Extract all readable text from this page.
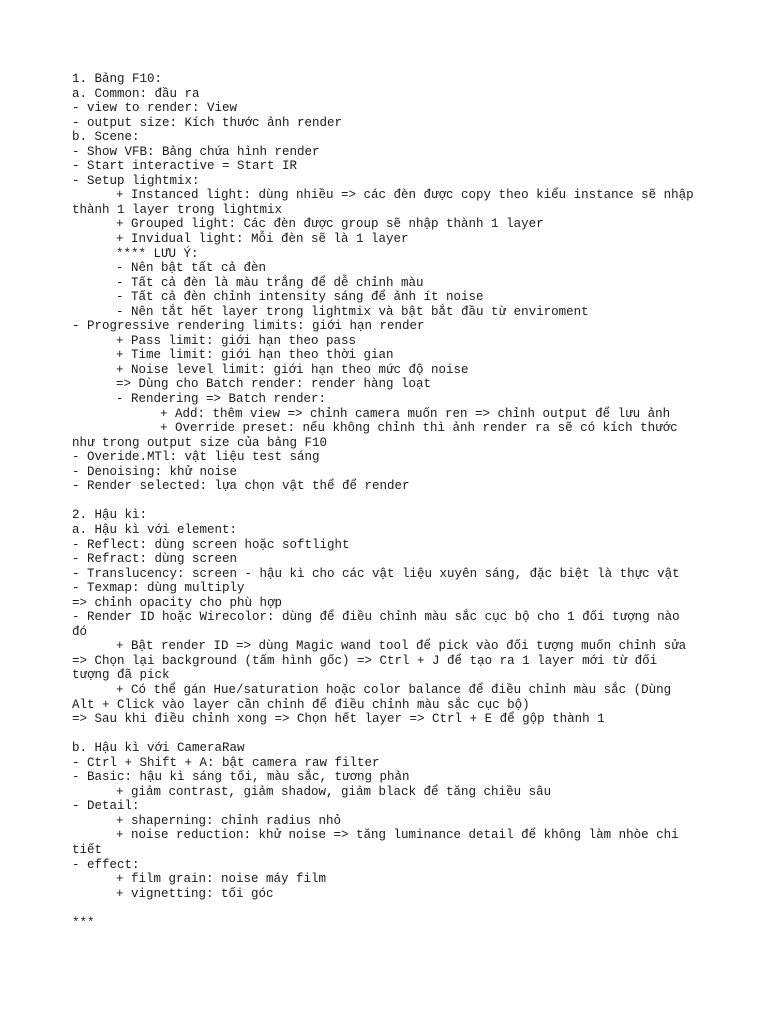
1. Bảng F10:
a. Common: đầu ra
- view to render: View
- output size: Kích thước ảnh render
b. Scene:
- Show VFB: Bảng chứa hình render
- Start interactive = Start IR
- Setup lightmix:
+ Instanced light: dùng nhiều => các đèn được copy theo kiểu instance sẽ nhập
thành 1 layer trong lightmix
+ Grouped light: Các đèn được group sẽ nhập thành 1 layer
+ Invidual light: Mỗi đèn sẽ là 1 layer
**** LƯU Ý:
- Nên bật tất cả đèn
- Tất cả đèn là màu trắng để dễ chỉnh màu
- Tất cả đèn chỉnh intensity sáng để ảnh ít noise
- Nên tắt hết layer trong lightmix và bật bắt đầu từ enviroment
- Progressive rendering limits: giới hạn render
+ Pass limit: giới hạn theo pass
+ Time limit: giới hạn theo thời gian
+ Noise level limit: giới hạn theo mức độ noise
=> Dùng cho Batch render: render hàng loạt
- Rendering => Batch render:
+ Add: thêm view => chỉnh camera muốn ren => chỉnh output để lưu ảnh
+ Override preset: nếu không chỉnh thì ảnh render ra sẽ có kích thước
như trong output size của bảng F10
- Overide.MTl: vật liệu test sáng
- Denoising: khử noise
- Render selected: lựa chọn vật thể để render
2. Hậu kì:
a. Hậu kì với element:
- Reflect: dùng screen hoặc softlight
- Refract: dùng screen
- Translucency: screen - hậu kì cho các vật liệu xuyên sáng, đặc biệt là thực vật
- Texmap: dùng multiply
=> chỉnh opacity cho phù hợp
- Render ID hoặc Wirecolor: dùng để điều chỉnh màu sắc cục bộ cho 1 đối tượng nào
đó
+ Bật render ID => dùng Magic wand tool để pick vào đối tượng muốn chỉnh sửa
=> Chọn lại background (tấm hình gốc) => Ctrl + J để tạo ra 1 layer mới từ đối
tượng đã pick
+ Có thể gán Hue/saturation hoặc color balance để điều chỉnh màu sắc (Dùng
Alt + Click vào layer cần chỉnh để điều chỉnh màu sắc cục bộ)
=> Sau khi điều chỉnh xong => Chọn hết layer => Ctrl + E để gộp thành 1
b. Hậu kì với CameraRaw
- Ctrl + Shift + A: bật camera raw filter
- Basic: hậu kì sáng tối, màu sắc, tương phản
+ giảm contrast, giảm shadow, giảm black để tăng chiều sâu
- Detail:
+ shaperning: chỉnh radius nhỏ
+ noise reduction: khử noise => tăng luminance detail để không làm nhòe chi
tiết
- effect:
+ film grain: noise máy film
+ vignetting: tối góc
***
